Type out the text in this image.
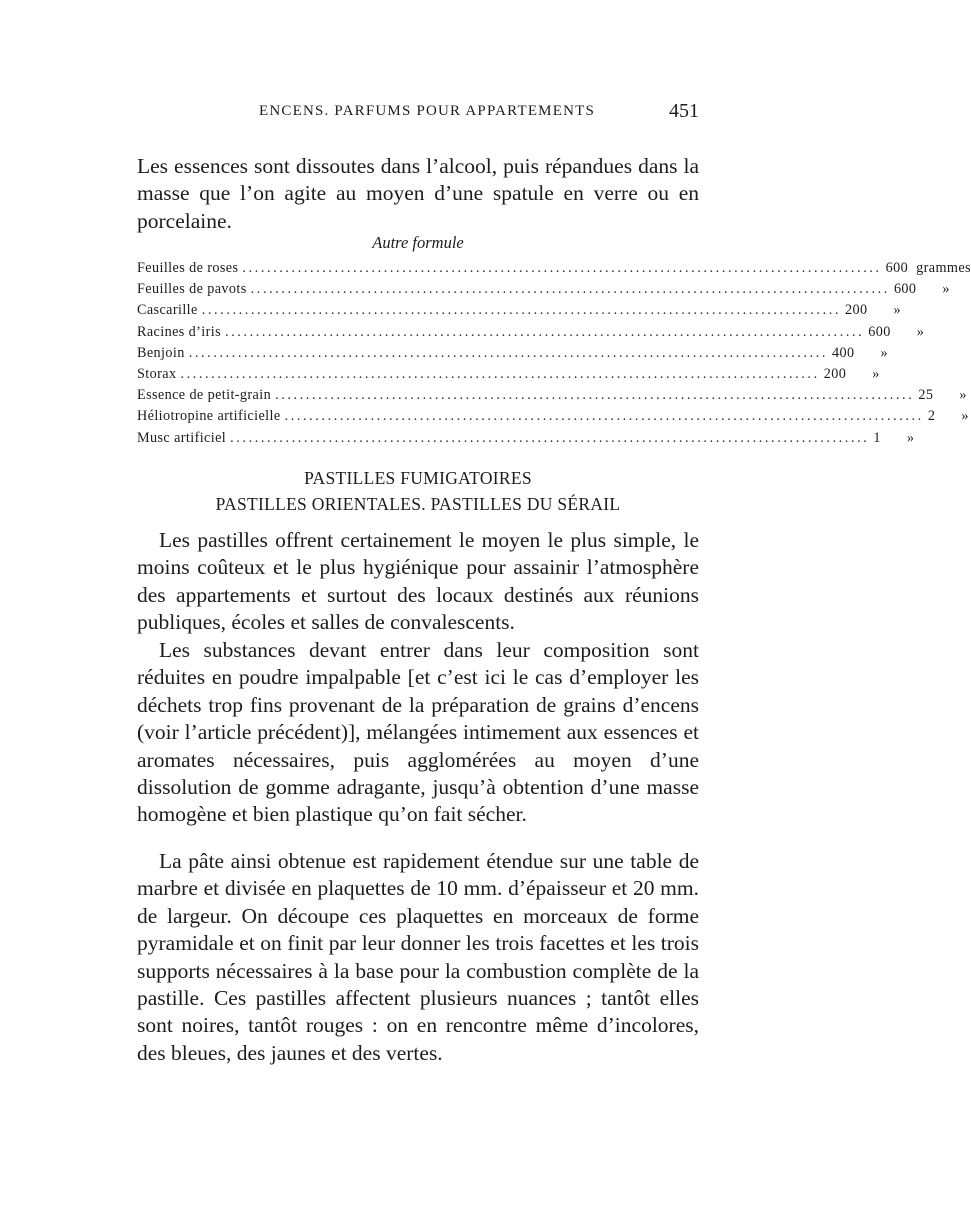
ENCENS. PARFUMS POUR APPARTEMENTS	451
Les essences sont dissoutes dans l’alcool, puis répandues dans la masse que l’on agite au moyen d’une spatule en verre ou en porcelaine.
Autre formule
Feuilles de roses ........................................................................................................ 600 grammes
Feuilles de pavots ........................................................................................................ 600	»
Cascarille ........................................................................................................ 200	»
Racines d’iris ........................................................................................................ 600	»
Benjoin ........................................................................................................ 400	»
Storax ........................................................................................................ 200	»
Essence de petit-grain ........................................................................................................ 25	»
Héliotropine artificielle ........................................................................................................ 2	»
Musc artificiel ........................................................................................................ 1	»
PASTILLES FUMIGATOIRES
PASTILLES ORIENTALES. PASTILLES DU SÉRAIL
Les pastilles offrent certainement le moyen le plus simple, le moins coûteux et le plus hygiénique pour assainir l’atmosphère des appartements et surtout des locaux destinés aux réunions publiques, écoles et salles de convalescents.
Les substances devant entrer dans leur composition sont réduites en poudre impalpable [et c’est ici le cas d’employer les déchets trop fins provenant de la préparation de grains d’encens (voir l’article précédent)], mélangées intimement aux essences et aromates nécessaires, puis agglomérées au moyen d’une dissolution de gomme adragante, jusqu’à obtention d’une masse homogène et bien plastique qu’on fait sécher.
La pâte ainsi obtenue est rapidement étendue sur une table de marbre et divisée en plaquettes de 10 mm. d’épaisseur et 20 mm. de largeur. On découpe ces plaquettes en morceaux de forme pyramidale et on finit par leur donner les trois facettes et les trois supports nécessaires à la base pour la combustion complète de la pastille. Ces pastilles affectent plusieurs nuances ; tantôt elles sont noires, tantôt rouges : on en rencontre même d’incolores, des bleues, des jaunes et des vertes.
